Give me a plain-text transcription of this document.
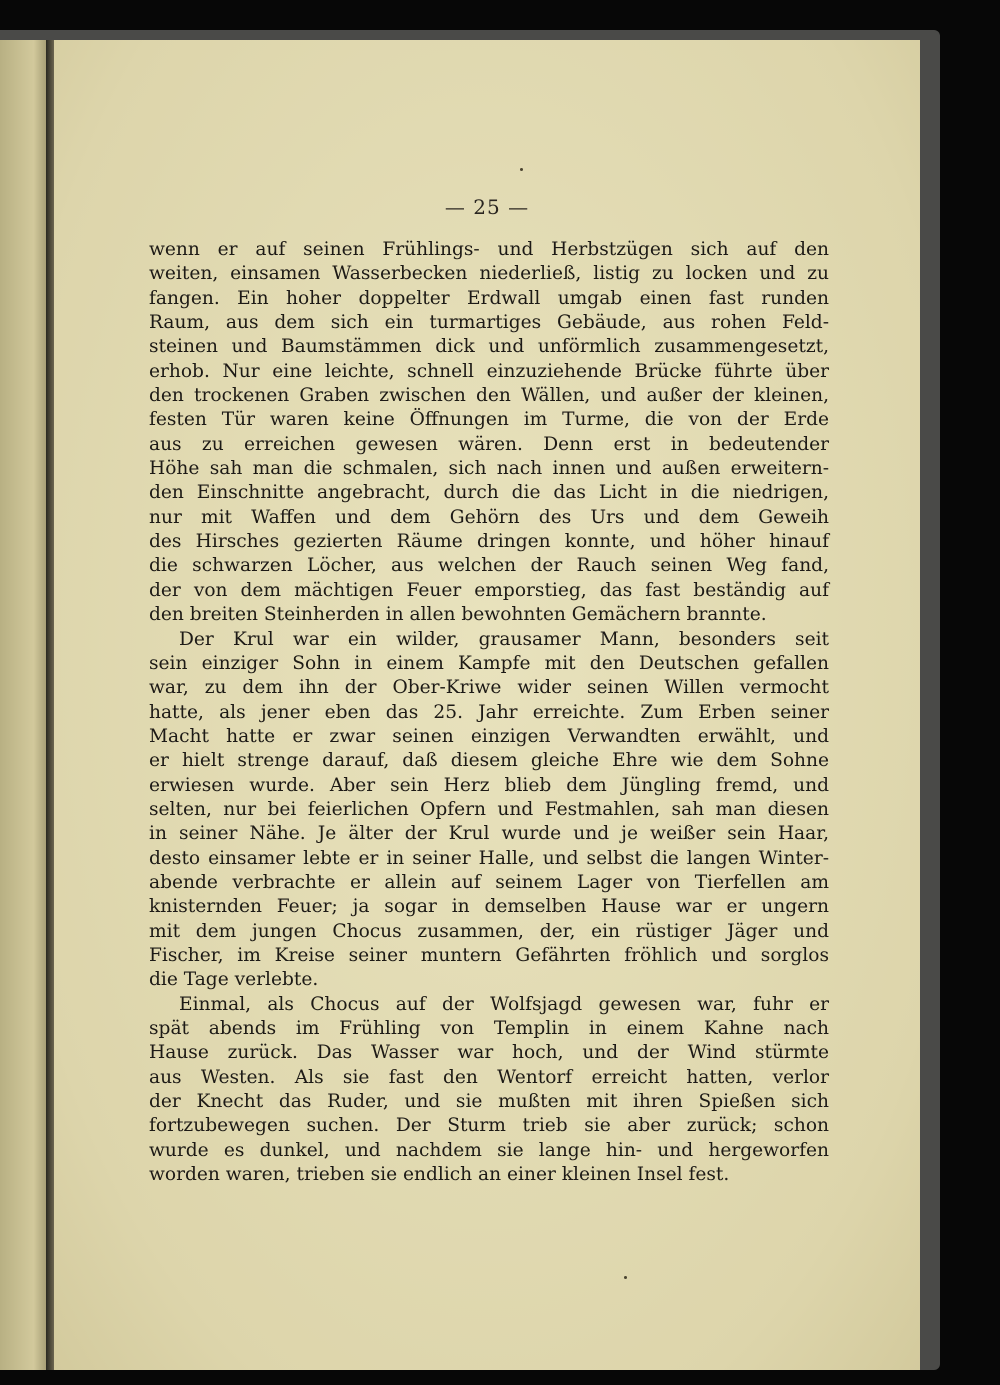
— 25 —
wenn er auf seinen Frühlings- und Herbstzügen sich auf den
weiten, einsamen Wasserbecken niederließ, listig zu locken und zu
fangen. Ein hoher doppelter Erdwall umgab einen fast runden
Raum, aus dem sich ein turmartiges Gebäude, aus rohen Feld-
steinen und Baumstämmen dick und unförmlich zusammengesetzt,
erhob. Nur eine leichte, schnell einzuziehende Brücke führte über
den trockenen Graben zwischen den Wällen, und außer der kleinen,
festen Tür waren keine Öffnungen im Turme, die von der Erde
aus zu erreichen gewesen wären. Denn erst in bedeutender
Höhe sah man die schmalen, sich nach innen und außen erweitern-
den Einschnitte angebracht, durch die das Licht in die niedrigen,
nur mit Waffen und dem Gehörn des Urs und dem Geweih
des Hirsches gezierten Räume dringen konnte, und höher hinauf
die schwarzen Löcher, aus welchen der Rauch seinen Weg fand,
der von dem mächtigen Feuer emporstieg, das fast beständig auf
den breiten Steinherden in allen bewohnten Gemächern brannte.
Der Krul war ein wilder, grausamer Mann, besonders seit
sein einziger Sohn in einem Kampfe mit den Deutschen gefallen
war, zu dem ihn der Ober-Kriwe wider seinen Willen vermocht
hatte, als jener eben das 25. Jahr erreichte. Zum Erben seiner
Macht hatte er zwar seinen einzigen Verwandten erwählt, und
er hielt strenge darauf, daß diesem gleiche Ehre wie dem Sohne
erwiesen wurde. Aber sein Herz blieb dem Jüngling fremd, und
selten, nur bei feierlichen Opfern und Festmahlen, sah man diesen
in seiner Nähe. Je älter der Krul wurde und je weißer sein Haar,
desto einsamer lebte er in seiner Halle, und selbst die langen Winter-
abende verbrachte er allein auf seinem Lager von Tierfellen am
knisternden Feuer; ja sogar in demselben Hause war er ungern
mit dem jungen Chocus zusammen, der, ein rüstiger Jäger und
Fischer, im Kreise seiner muntern Gefährten fröhlich und sorglos
die Tage verlebte.
Einmal, als Chocus auf der Wolfsjagd gewesen war, fuhr er
spät abends im Frühling von Templin in einem Kahne nach
Hause zurück. Das Wasser war hoch, und der Wind stürmte
aus Westen. Als sie fast den Wentorf erreicht hatten, verlor
der Knecht das Ruder, und sie mußten mit ihren Spießen sich
fortzubewegen suchen. Der Sturm trieb sie aber zurück; schon
wurde es dunkel, und nachdem sie lange hin- und hergeworfen
worden waren, trieben sie endlich an einer kleinen Insel fest.
